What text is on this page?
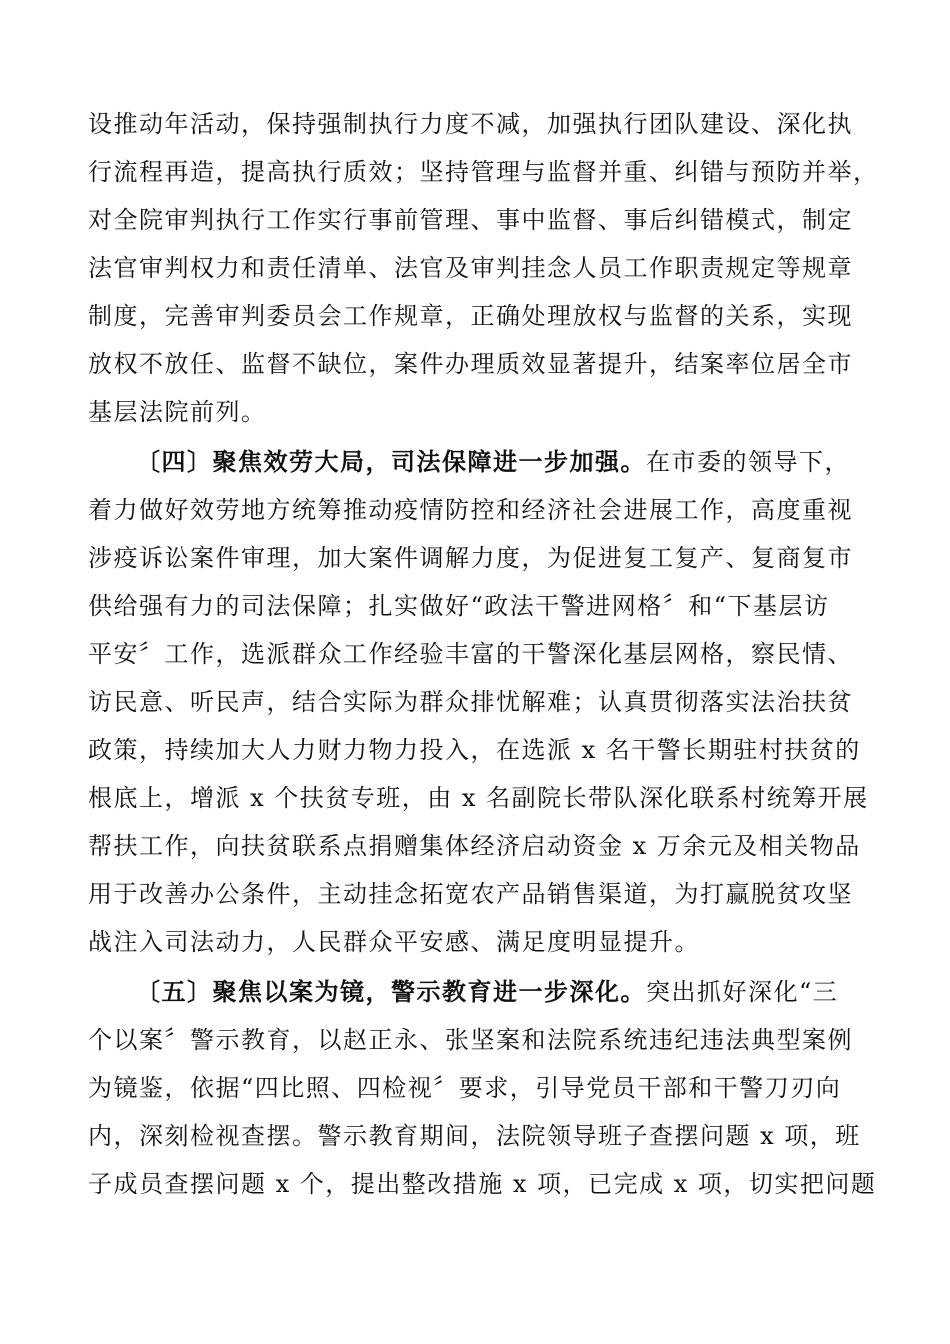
设推动年活动，保持强制执行力度不减，加强执行团队建设、深化执
行流程再造，提高执行质效；坚持管理与监督并重、纠错与预防并举，
对全院审判执行工作实行事前管理、事中监督、事后纠错模式，制定
法官审判权力和责任清单、法官及审判挂念人员工作职责规定等规章
制度，完善审判委员会工作规章，正确处理放权与监督的关系，实现
放权不放任、监督不缺位，案件办理质效显著提升，结案率位居全市
基层法院前列。
〔四〕聚焦效劳大局，司法保障进一步加强。在市委的领导下，
着力做好效劳地方统筹推动疫情防控和经济社会进展工作，高度重视
涉疫诉讼案件审理，加大案件调解力度，为促进复工复产、复商复市
供给强有力的司法保障；扎实做好“政法干警进网格〞和“下基层访
平安〞工作，选派群众工作经验丰富的干警深化基层网格，察民情、
访民意、听民声，结合实际为群众排忧解难；认真贯彻落实法治扶贫
政策，持续加大人力财力物力投入，在选派 x 名干警长期驻村扶贫的
根底上，增派 x 个扶贫专班，由 x 名副院长带队深化联系村统筹开展
帮扶工作，向扶贫联系点捐赠集体经济启动资金 x 万余元及相关物品
用于改善办公条件，主动挂念拓宽农产品销售渠道，为打赢脱贫攻坚
战注入司法动力，人民群众平安感、满足度明显提升。
〔五〕聚焦以案为镜，警示教育进一步深化。突出抓好深化“三
个以案〞警示教育，以赵正永、张坚案和法院系统违纪违法典型案例
为镜鉴，依据“四比照、四检视〞要求，引导党员干部和干警刀刃向
内，深刻检视查摆。警示教育期间，法院领导班子查摆问题 x 项，班
子成员查摆问题 x 个，提出整改措施 x 项，已完成 x 项，切实把问题
